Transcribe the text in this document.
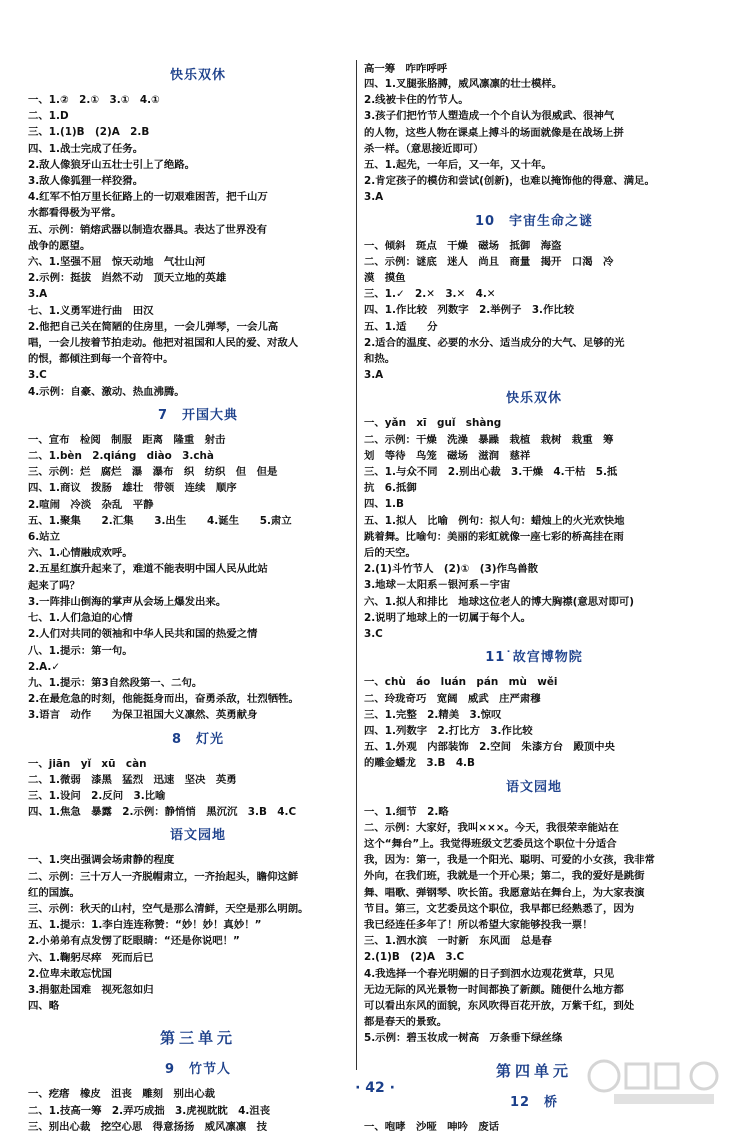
高一筹　咋咋呼呼
快乐双休
一、1.②　2.①　3.①　4.①
二、1.D
三、1.(1)B　(2)A　2.B
四、1.战士完成了任务。
2.敌人像狼牙山五壮士引上了绝路。
3.敌人像狐狸一样狡猾。
4.红军不怕万里长征路上的一切艰难困苦，把千山万
水都看得极为平常。
五、示例：销熔武器以制造农器具。表达了世界没有
战争的愿望。
六、1.坚强不屈　惊天动地　气壮山河
2.示例：挺拔　岿然不动　顶天立地的英雄
3.A
七、1.义勇军进行曲　田汉
2.他把自己关在简陋的住房里，一会儿弹琴，一会儿高
唱，一会儿按着节拍走动。他把对祖国和人民的爱、对敌人
的恨，都倾注到每一个音符中。
3.C
4.示例：自豪、激动、热血沸腾。
7　开国大典
一、宣布　检阅　制服　距离　隆重　射击
二、1.bèn　2.qiáng　diào　3.chà
三、示例：烂　腐烂　瀑　瀑布　织　纺织　但　但是
四、1.商议　拨肠　雄壮　带领　连续　顺序
2.喧闹　冷淡　杂乱　平静
五、1.聚集　　2.汇集　　3.出生　　4.诞生　　5.肃立
6.站立
六、1.心情融成欢呼。
2.五星红旗升起来了，难道不能表明中国人民从此站
起来了吗？
3.一阵排山倒海的掌声从会场上爆发出来。
七、1.人们急迫的心情
2.人们对共同的领袖和中华人民共和国的热爱之情
八、1.提示：第一句。
2.A.✓
九、1.提示：第3自然段第一、二句。
2.在最危急的时刻，他能挺身而出，奋勇杀敌，壮烈牺牲。
3.语言　动作　　为保卫祖国大义凛然、英勇献身
8　灯光
一、jiān　yǐ　xū　càn
二、1.微弱　漆黑　猛烈　迅速　坚决　英勇
三、1.设问　2.反问　3.比喻
四、1.焦急　暴露　2.示例：静悄悄　黑沉沉　3.B　4.C
语文园地
一、1.突出强调会场肃静的程度
二、示例：三十万人一齐脱帽肃立，一齐抬起头，瞻仰这鲜
红的国旗。
三、示例：秋天的山村，空气是那么清鲜，天空是那么明朗。
五、1.提示：1.李白连连称赞：“妙！妙！真妙！”
2.小弟弟有点发愣了眨眼睛：“还是你说吧！”
六、1.鞠躬尽瘁　死而后已
2.位卑未敢忘忧国
3.捐躯赴国难　视死忽如归
四、略
第三单元
9　竹节人
一、疙瘩　橡皮　沮丧　雕刻　别出心裁
二、1.技高一筹　2.弄巧成拙　3.虎视眈眈　4.沮丧
三、别出心裁　挖空心思　得意扬扬　威风凛凛　技
四、1.叉腿张胳膊，威风凛凛的壮士模样。
2.线被卡住的竹节人。
3.孩子们把竹节人塑造成一个个自认为很威武、很神气
的人物，这些人物在课桌上搏斗的场面就像是在战场上拼
杀一样。（意思接近即可）
五、1.起先，一年后，又一年，又十年。
2.肯定孩子的模仿和尝试(创新)，也难以掩饰他的得意、满足。
3.A
10　宇宙生命之谜
一、倾斜　斑点　干燥　磁场　抵御　海盗
二、示例：谜底　迷人　尚且　商量　揭开　口渴　冷
漠　摸鱼
三、1.✓　2.✕　3.✕　4.✕
四、1.作比较　列数字　2.举例子　3.作比较
五、1.适　　分
2.适合的温度、必要的水分、适当成分的大气、足够的光
和热。
3.A
快乐双休
一、yǎn　xī　guǐ　shàng
二、示例：干燥　洗澡　暴躁　栽植　栽树　栽重　筹
划　等待　鸟笼　磁场　滋润　慈祥
三、1.与众不同　2.别出心裁　3.干燥　4.干枯　5.抵
抗　6.抵御
四、1.B
五、1.拟人　比喻　例句：拟人句：蜡烛上的火光欢快地
跳着舞。比喻句：美丽的彩虹就像一座七彩的桥高挂在雨
后的天空。
2.(1)斗竹节人　(2)①　(3)作鸟兽散
3.地球－太阳系－银河系－宇宙
六、1.拟人和排比　地球这位老人的博大胸襟(意思对即可)
2.说明了地球上的一切属于每个人。
3.C
11˙故宫博物院
一、chù　áo　luán　pán　mù　wěi
二、玲珑奇巧　宽阔　威武　庄严肃穆
三、1.完整　2.精美　3.惊叹
四、1.列数字　2.打比方　3.作比较
五、1.外观　内部装饰　2.空间　朱漆方台　殿顶中央
的雕金蟠龙　3.B　4.B
语文园地
一、1.细节　2.略
二、示例：大家好，我叫×××。今天，我很荣幸能站在
这个“舞台”上。我觉得班级文艺委员这个职位十分适合
我，因为：第一，我是一个阳光、聪明、可爱的小女孩，我非常
外向，在我们班，我就是一个开心果；第二，我的爱好是跳街
舞、唱歌、弹钢琴、吹长笛。我愿意站在舞台上，为大家表演
节目。第三，文艺委员这个职位，我早都已经熟悉了，因为
我已经连任多年了！所以希望大家能够投我一票！
三、1.泗水滨　一时新　东风面　总是春
2.(1)B　(2)A　3.C
4.我选择一个春光明媚的日子到泗水边观花赏草，只见
无边无际的风光景物一时间都换了新颜。随便什么地方都
可以看出东风的面貌，东风吹得百花开放，万紫千红，到处
都是春天的景致。
5.示例：碧玉妆成一树高　万条垂下绿丝绦
第四单元
12　桥
一、咆哮　沙哑　呻吟　废话
· 42 ·
